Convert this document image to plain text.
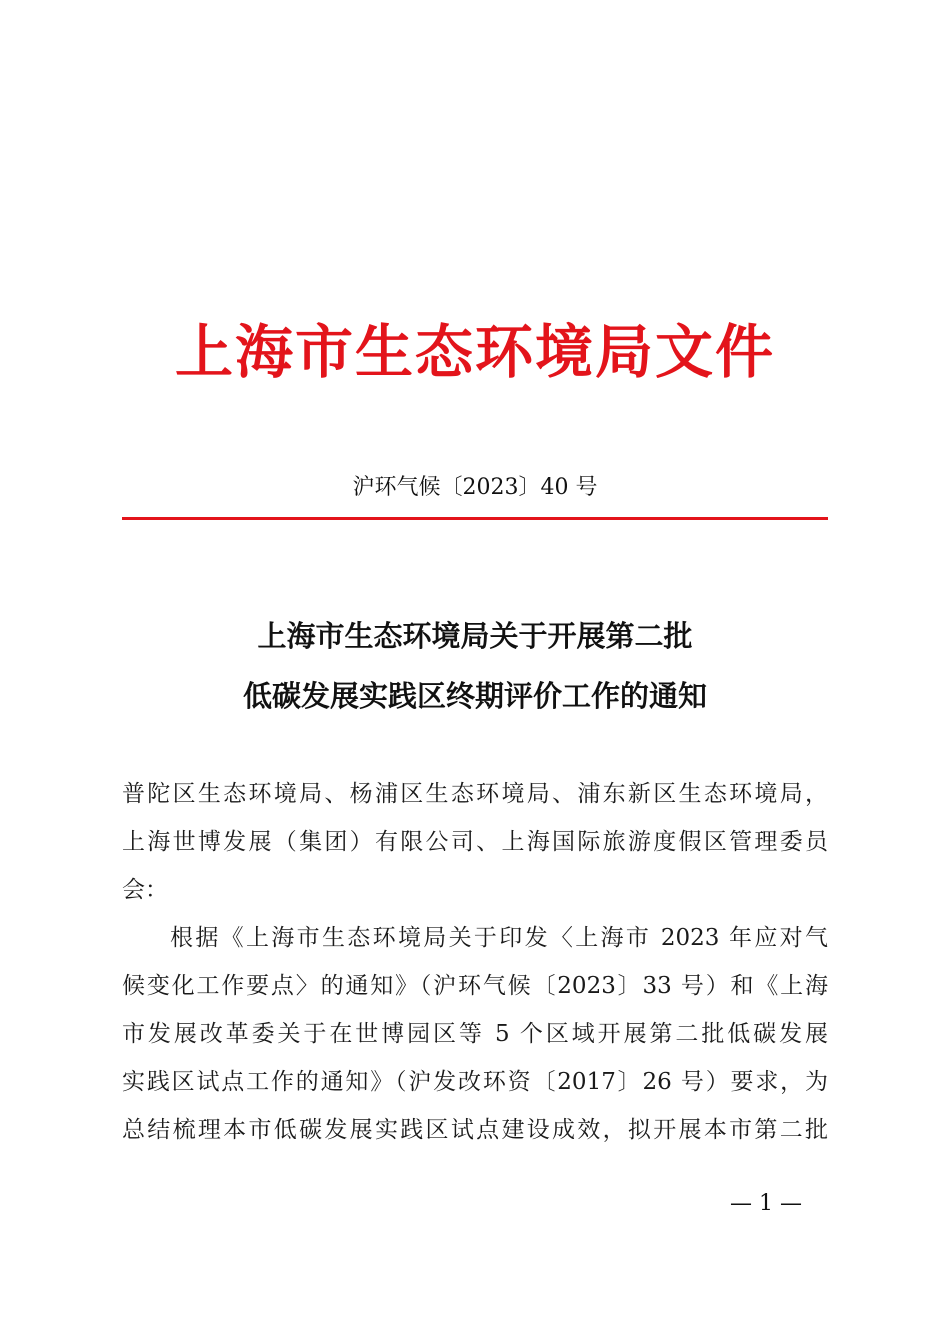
上海市生态环境局文件
沪环气候〔2023〕40 号
上海市生态环境局关于开展第二批
低碳发展实践区终期评价工作的通知
普陀区生态环境局、杨浦区生态环境局、浦东新区生态环境局，
上海世博发展（集团）有限公司、上海国际旅游度假区管理委员
会：
根据《上海市生态环境局关于印发〈上海市 2023 年应对气
候变化工作要点〉的通知》（沪环气候〔2023〕33 号）和《上海
市发展改革委关于在世博园区等 5 个区域开展第二批低碳发展
实践区试点工作的通知》（沪发改环资〔2017〕26 号）要求，为
总结梳理本市低碳发展实践区试点建设成效，拟开展本市第二批
— 1 —
